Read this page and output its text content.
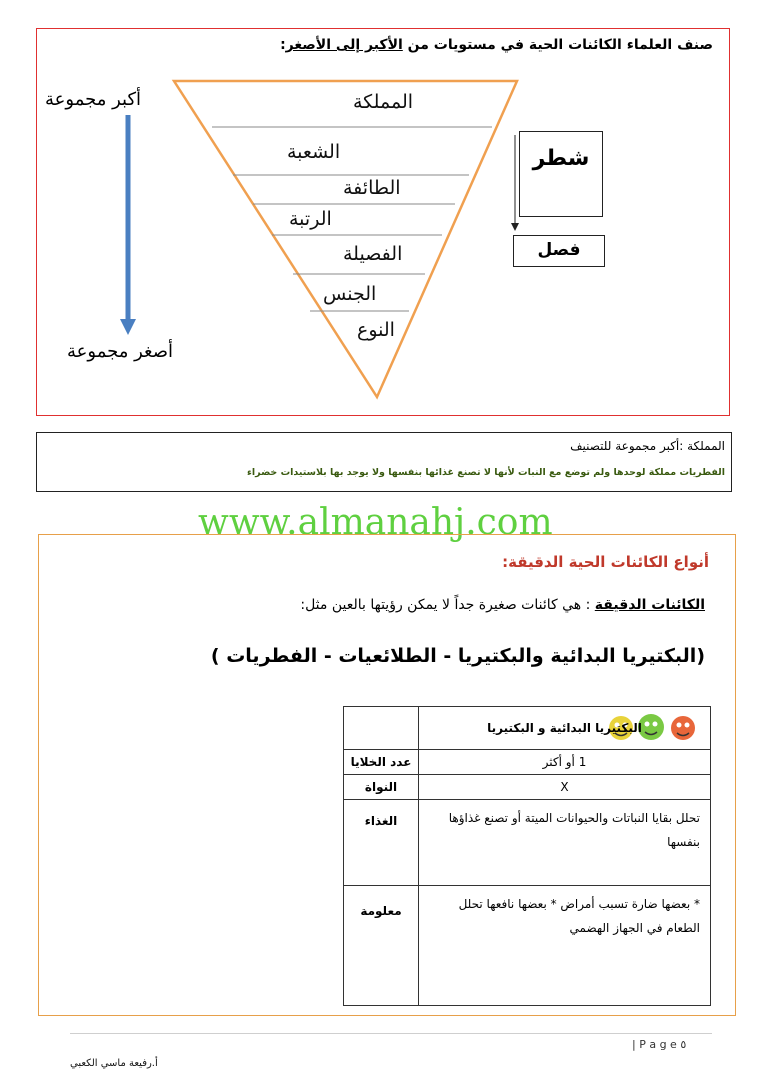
صنف العلماء الكائنات الحية في مستويات من الأكبر إلى الأصغر:
أكبر مجموعة
أصغر مجموعة
المملكة
الشعبة
الطائفة
الرتبة
الفصيلة
الجنس
النوع
شطر
فصل
المملكة :أكبر مجموعة للتصنيف
الفطريات مملكة لوحدها ولم توضع مع النبات لأنها لا تصنع غذائها بنفسها ولا يوجد بها بلاستيدات خضراء
www.almanahj.com
أنواع الكائنات الحية الدقيقة:
الكائنات الدقيقة : هي كائنات صغيرة جداً لا يمكن رؤيتها بالعين مثل:
(البكتيريا البدائية والبكتيريا - الطلائعيات - الفطريات )
	البكتيريا البدائية و البكتيريا
عدد الخلايا	1 أو أكثر
النواة	X
الغذاء	تحلل بقايا النباتات والحيوانات الميتة أو تصنع غذاؤها بنفسها
معلومة	* بعضها ضارة تسبب أمراض * بعضها نافعها تحلل الطعام في الجهاز الهضمي
| P a g e ٥
أ.رفيعة ماسي الكعبي
